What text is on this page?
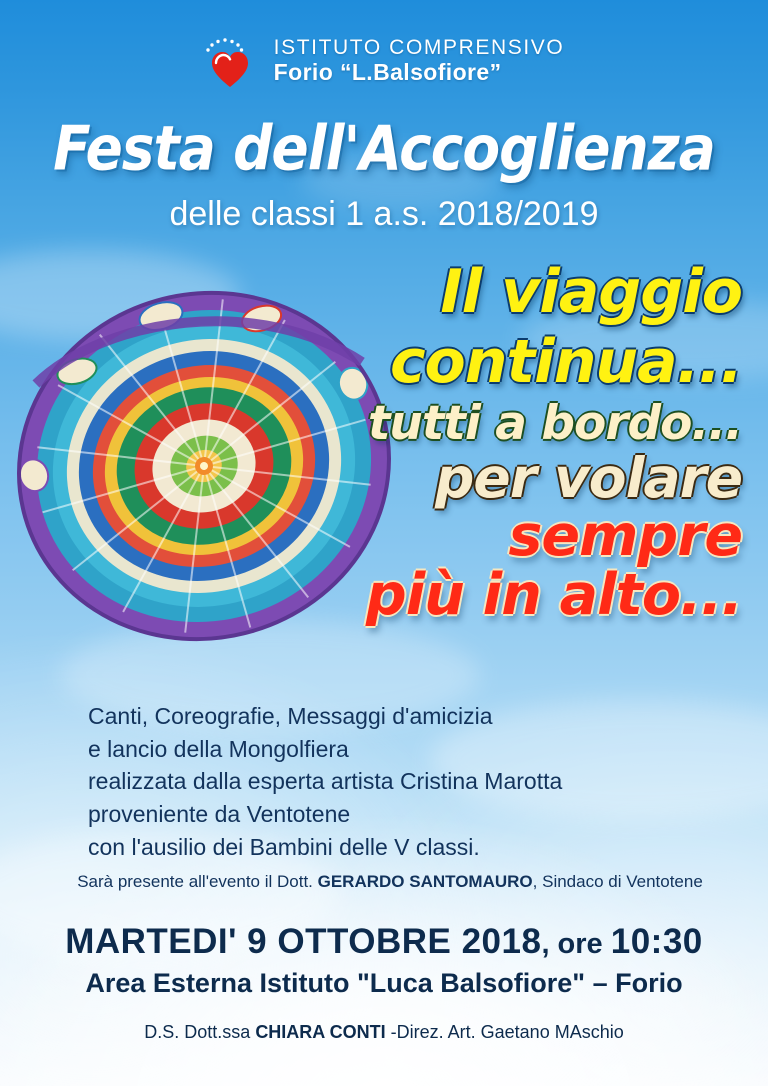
ISTITUTO COMPRENSIVO
Forio “L.Balsofiore”
Festa dell'Accoglienza
delle classi 1 a.s. 2018/2019
Il viaggio
continua...
tutti a bordo...
per volare
sempre
più in alto...
Canti, Coreografie, Messaggi d'amicizia
e lancio della Mongolfiera
realizzata dalla esperta artista Cristina Marotta
proveniente da Ventotene
con l'ausilio dei Bambini delle V classi.
Sarà presente all'evento il Dott. GERARDO SANTOMAURO, Sindaco di Ventotene
MARTEDI' 9 OTTOBRE 2018, ore 10:30
Area Esterna Istituto "Luca Balsofiore" – Forio
D.S. Dott.ssa CHIARA CONTI -Direz. Art. Gaetano MAschio
